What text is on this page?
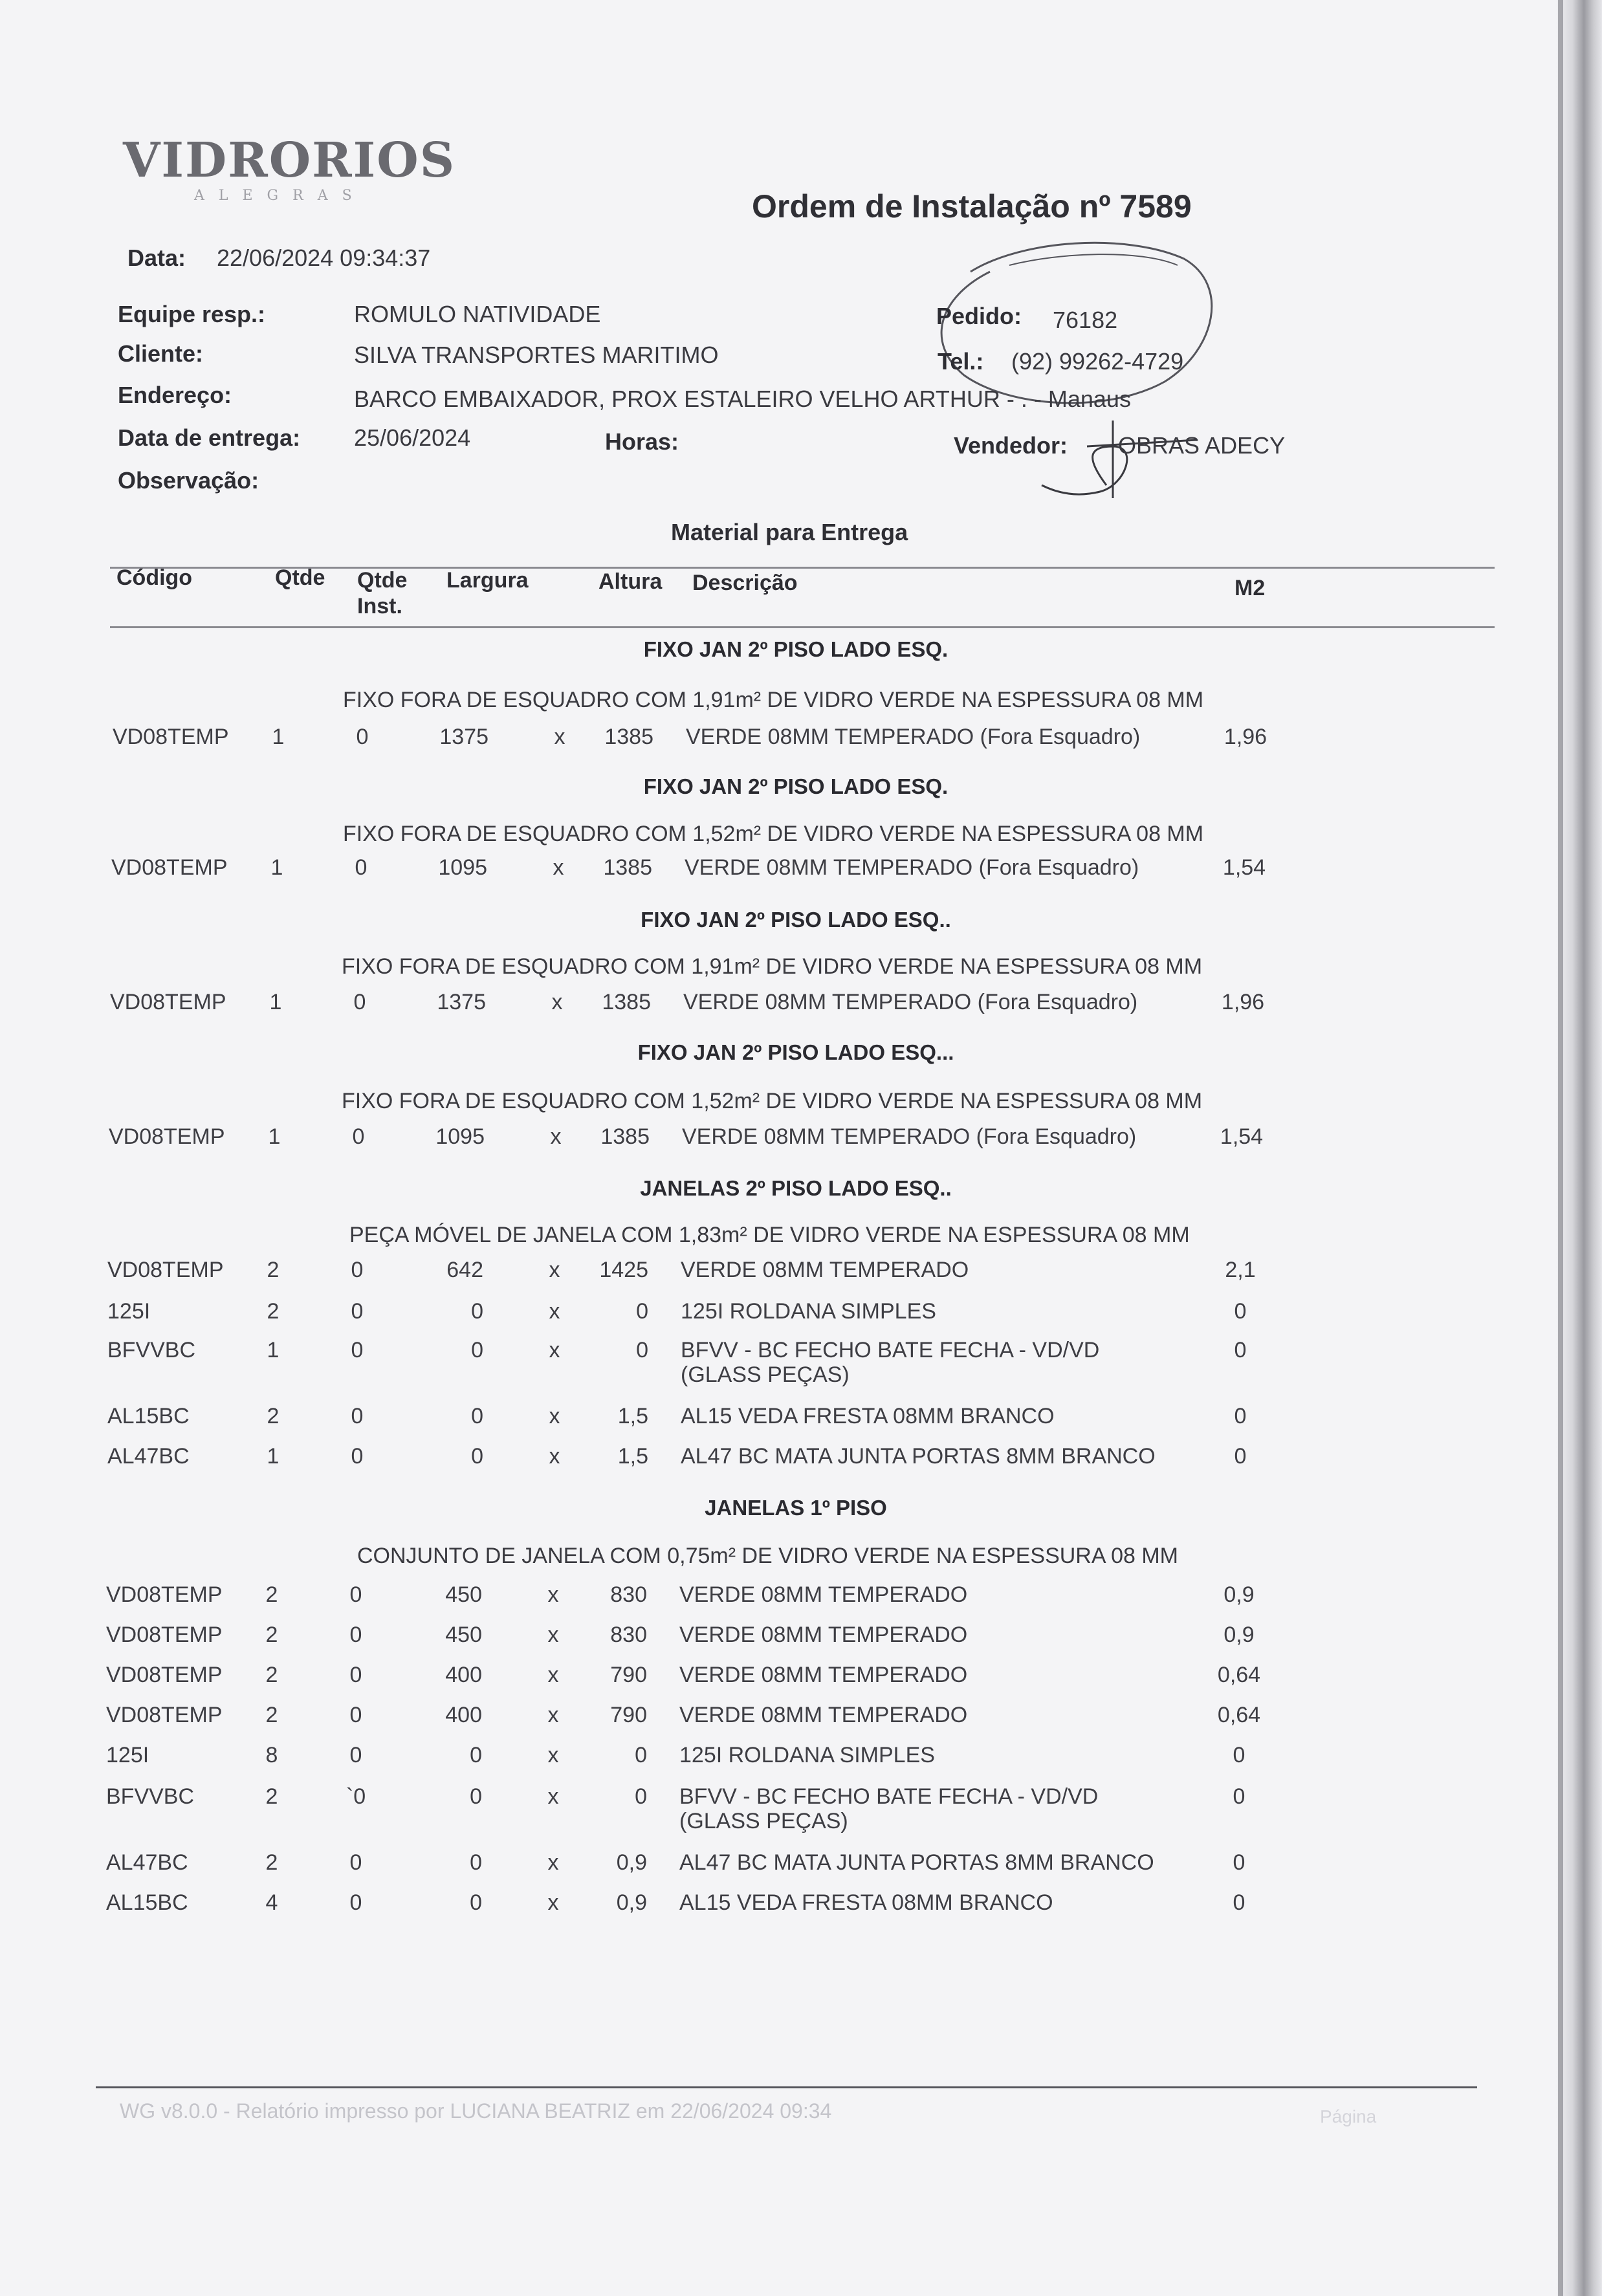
VIDRORIOS
ALEGRAS	Ordem de Instalação nº 7589
Data: 22/06/2024 09:34:37
Equipe resp.:	ROMULO NATIVIDADE	Pedido: 76182
Cliente:	SILVA TRANSPORTES MARITIMO	Tel.: (92) 99262-4729
Endereço:	BARCO EMBAIXADOR, PROX ESTALEIRO VELHO ARTHUR - . - Manaus
Data de entrega: 25/06/2024	Horas:	Vendedor: OBRAS ADECY
Observação:
Material para Entrega
Código	Qtde Qtde
Inst.
Largura	Altura Descrição	M2
FIXO JAN 2º PISO LADO ESQ.
FIXO FORA DE ESQUADRO COM 1,91m² DE VIDRO VERDE NA ESPESSURA 08 MM
VD08TEMP	1	0	1375	x	1385 VERDE 08MM TEMPERADO (Fora Esquadro)	1,96
FIXO JAN 2º PISO LADO ESQ.
FIXO FORA DE ESQUADRO COM 1,52m² DE VIDRO VERDE NA ESPESSURA 08 MM
VD08TEMP	1	0	1095	x	1385 VERDE 08MM TEMPERADO (Fora Esquadro)	1,54
FIXO JAN 2º PISO LADO ESQ..
FIXO FORA DE ESQUADRO COM 1,91m² DE VIDRO VERDE NA ESPESSURA 08 MM
VD08TEMP	1	0	1375	x	1385 VERDE 08MM TEMPERADO (Fora Esquadro)	1,96
FIXO JAN 2º PISO LADO ESQ...
FIXO FORA DE ESQUADRO COM 1,52m² DE VIDRO VERDE NA ESPESSURA 08 MM
VD08TEMP	1	0	1095	x	1385 VERDE 08MM TEMPERADO (Fora Esquadro)	1,54
JANELAS 2º PISO LADO ESQ..
PEÇA MÓVEL DE JANELA COM 1,83m² DE VIDRO VERDE NA ESPESSURA 08 MM
VD08TEMP	2	0	642	x	1425 VERDE 08MM TEMPERADO	2,1
125I	2	0	0	x	0 125I ROLDANA SIMPLES	0
BFVVBC	1	0	0	x	0 BFVV - BC FECHO BATE FECHA - VD/VD	0
(GLASS PEÇAS)
AL15BC	2	0	0	x	1,5 AL15 VEDA FRESTA 08MM BRANCO	0
AL47BC	1	0	0	x	1,5 AL47 BC MATA JUNTA PORTAS 8MM BRANCO	0
JANELAS 1º PISO
CONJUNTO DE JANELA COM 0,75m² DE VIDRO VERDE NA ESPESSURA 08 MM
VD08TEMP	2	0	450	x	830 VERDE 08MM TEMPERADO	0,9
VD08TEMP	2	0	450	x	830 VERDE 08MM TEMPERADO	0,9
VD08TEMP	2	0	400	x	790 VERDE 08MM TEMPERADO	0,64
VD08TEMP	2	0	400	x	790 VERDE 08MM TEMPERADO	0,64
125I	8	0	0	x	0 125I ROLDANA SIMPLES	0
BFVVBC	2	`0	0	x	0 BFVV - BC FECHO BATE FECHA - VD/VD	0
(GLASS PEÇAS)
AL47BC	2	0	0	x	0,9 AL47 BC MATA JUNTA PORTAS 8MM BRANCO	0
AL15BC	4	0	0	x	0,9 AL15 VEDA FRESTA 08MM BRANCO	0
WG v8.0.0 - Relatório impresso por LUCIANA BEATRIZ em 22/06/2024 09:34	Página
